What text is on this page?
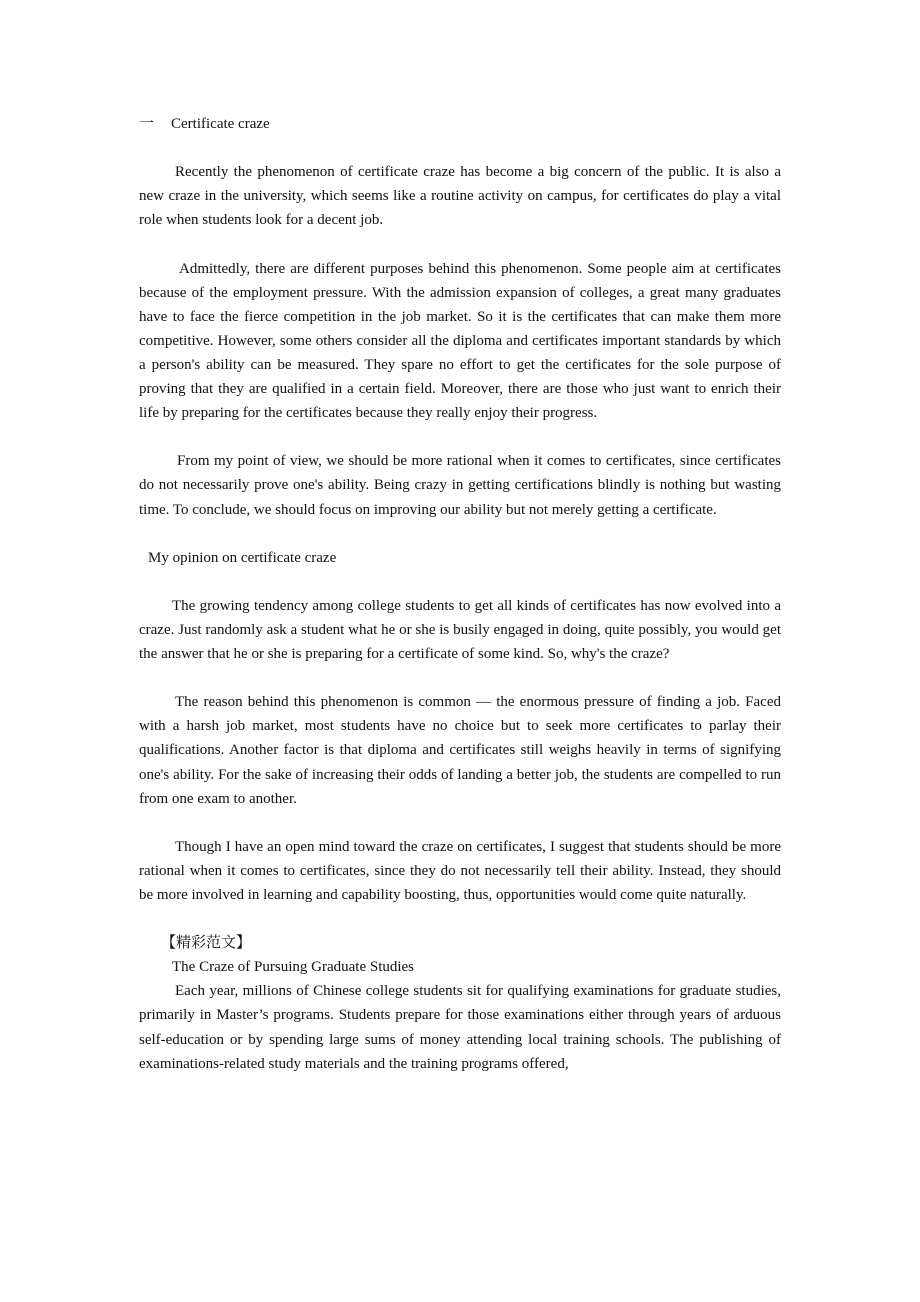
一 Certificate craze

Recently the phenomenon of certificate craze has become a big concern of the public. It is also a new craze in the university, which seems like a routine activity on campus, for certificates do play a vital role when students look for a decent job.

Admittedly, there are different purposes behind this phenomenon. Some people aim at certificates because of the employment pressure. With the admission expansion of colleges, a great many graduates have to face the fierce competition in the job market. So it is the certificates that can make them more competitive. However, some others consider all the diploma and certificates important standards by which a person's ability can be measured. They spare no effort to get the certificates for the sole purpose of proving that they are qualified in a certain field. Moreover, there are those who just want to enrich their life by preparing for the certificates because they really enjoy their progress.

From my point of view, we should be more rational when it comes to certificates, since certificates do not necessarily prove one's ability. Being crazy in getting certifications blindly is nothing but wasting time. To conclude, we should focus on improving our ability but not merely getting a certificate.

My opinion on certificate craze

The growing tendency among college students to get all kinds of certificates has now evolved into a craze. Just randomly ask a student what he or she is busily engaged in doing, quite possibly, you would get the answer that he or she is preparing for a certificate of some kind. So, why's the craze?

The reason behind this phenomenon is common — the enormous pressure of finding a job. Faced with a harsh job market, most students have no choice but to seek more certificates to parlay their qualifications. Another factor is that diploma and certificates still weighs heavily in terms of signifying one's ability. For the sake of increasing their odds of landing a better job, the students are compelled to run from one exam to another.

Though I have an open mind toward the craze on certificates, I suggest that students should be more rational when it comes to certificates, since they do not necessarily tell their ability. Instead, they should be more involved in learning and capability boosting, thus, opportunities would come quite naturally.

【精彩范文】

The Craze of Pursuing Graduate Studies

Each year, millions of Chinese college students sit for qualifying examinations for graduate studies, primarily in Master’s programs. Students prepare for those examinations either through years of arduous self-education or by spending large sums of money attending local training schools. The publishing of examinations-related study materials and the training programs offered,
